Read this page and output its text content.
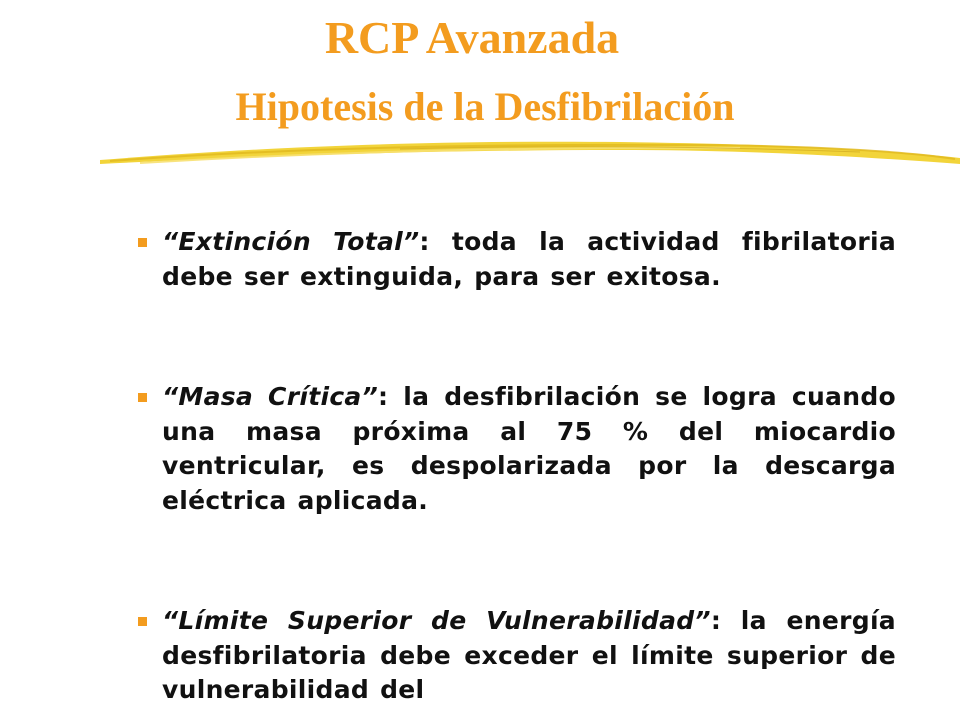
RCP Avanzada
Hipotesis de la Desfibrilación
“Extinción Total”: toda la actividad fibrilatoria debe ser extinguida, para ser exitosa.
“Masa Crítica”: la desfibrilación se logra cuando una masa próxima al 75 % del miocardio ventricular, es despolarizada por la descarga eléctrica aplicada.
“Límite Superior de Vulnerabilidad”: la energía desfibrilatoria debe exceder el límite superior de vulnerabilidad del
